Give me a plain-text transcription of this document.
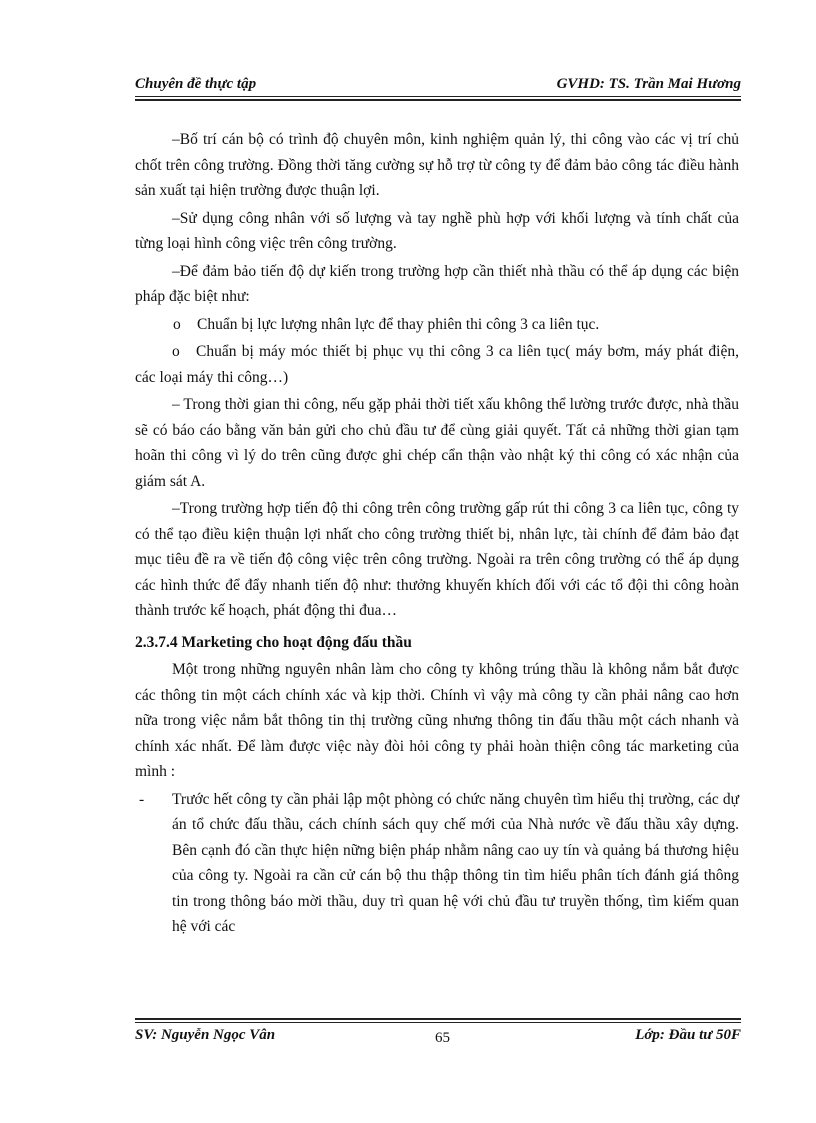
Chuyên đề thực tập	GVHD: TS. Trần Mai Hương

–Bố trí cán bộ có trình độ chuyên môn, kinh nghiệm quản lý, thi công vào các vị trí chủ chốt trên công trường. Đồng thời tăng cường sự hỗ trợ từ công ty để đảm bảo công tác điều hành sản xuất tại hiện trường được thuận lợi.

–Sử dụng công nhân với số lượng và tay nghề phù hợp với khối lượng và tính chất của từng loại hình công việc trên công trường.

–Để đảm bảo tiến độ dự kiến trong trường hợp cần thiết nhà thầu có thể áp dụng các biện pháp đặc biệt như:

o Chuẩn bị lực lượng nhân lực để thay phiên thi công 3 ca liên tục.

o Chuẩn bị máy móc thiết bị phục vụ thi công 3 ca liên tục( máy bơm, máy phát điện, các loại máy thi công…)

– Trong thời gian thi công, nếu gặp phải thời tiết xấu không thể lường trước được, nhà thầu sẽ có báo cáo bằng văn bản gửi cho chủ đầu tư để cùng giải quyết. Tất cả những thời gian tạm hoãn thi công vì lý do trên cũng được ghi chép cẩn thận vào nhật ký thi công có xác nhận của giám sát A.

–Trong trường hợp tiến độ thi công trên công trường gấp rút thi công 3 ca liên tục, công ty có thể tạo điều kiện thuận lợi nhất cho công trường thiết bị, nhân lực, tài chính để đảm bảo đạt mục tiêu đề ra về tiến độ công việc trên công trường. Ngoài ra trên công trường có thể áp dụng các hình thức để đẩy nhanh tiến độ như: thưởng khuyến khích đối với các tổ đội thi công hoàn thành trước kế hoạch, phát động thi đua…

2.3.7.4 Marketing cho hoạt động đấu thầu

Một trong những nguyên nhân làm cho công ty không trúng thầu là không nắm bắt được các thông tin một cách chính xác và kịp thời. Chính vì vậy mà công ty cần phải nâng cao hơn nữa trong việc nắm bắt thông tin thị trường cũng nhưng thông tin đấu thầu một cách nhanh và chính xác nhất. Để làm được việc này đòi hỏi công ty phải hoàn thiện công tác marketing của mình :

- Trước hết công ty cần phải lập một phòng có chức năng chuyên tìm hiểu thị trường, các dự án tổ chức đấu thầu, cách chính sách quy chế mới của Nhà nước về đấu thầu xây dựng. Bên cạnh đó cần thực hiện nững biện pháp nhằm nâng cao uy tín và quảng bá thương hiệu của công ty. Ngoài ra cần cử cán bộ thu thập thông tin tìm hiểu phân tích đánh giá thông tin trong thông báo mời thầu, duy trì quan hệ với chủ đầu tư truyền thống, tìm kiếm quan hệ với các
SV: Nguyễn Ngọc Vân	65	Lớp: Đầu tư 50F
